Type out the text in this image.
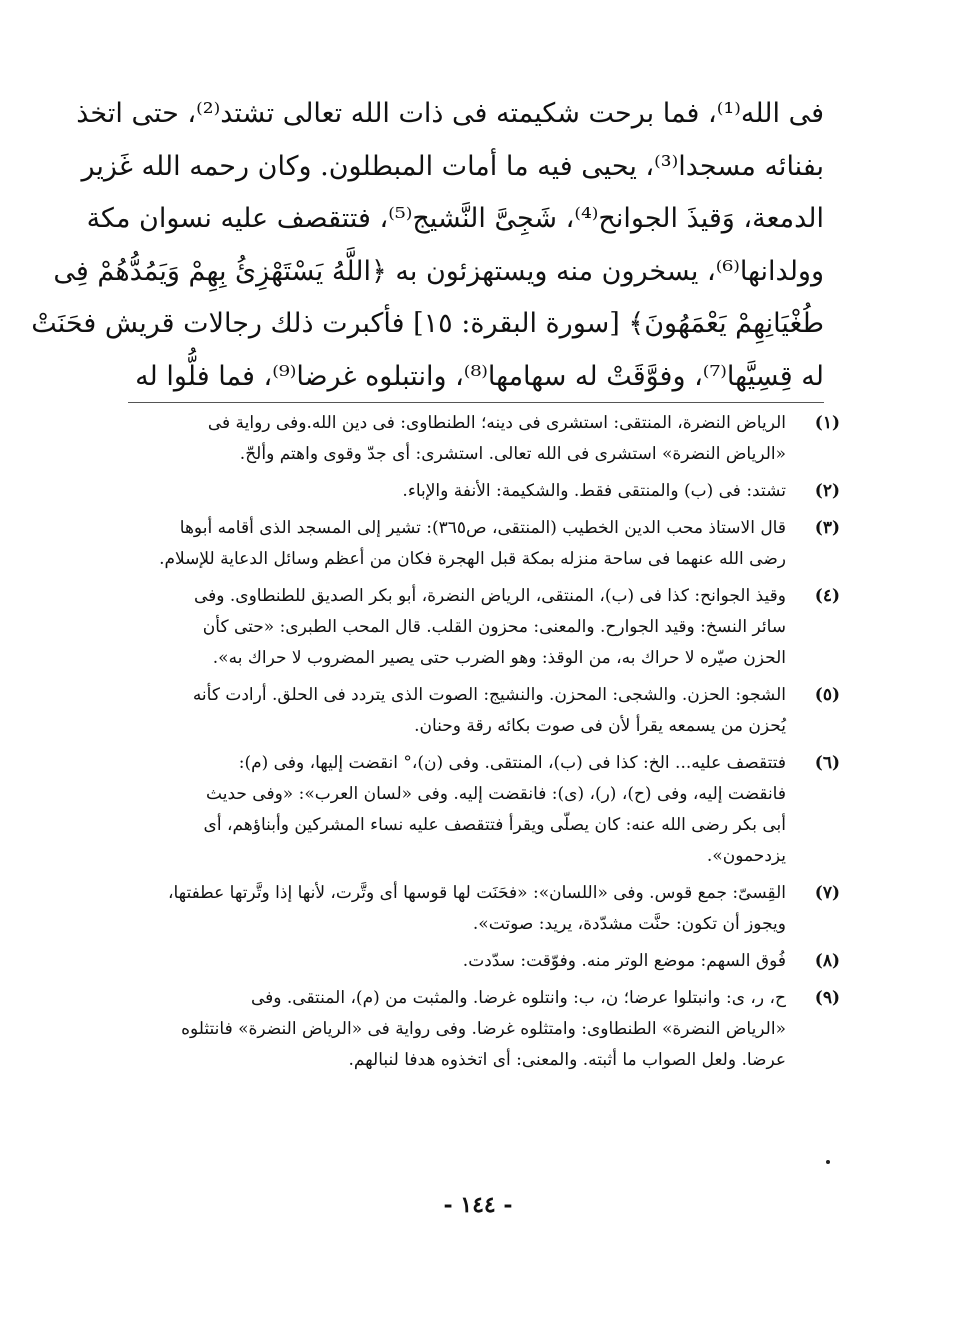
فى الله⁽¹⁾، فما برحت شكيمته فى ذات الله تعالى تشتد⁽²⁾، حتى اتخذ
بفنائه مسجدا⁽³⁾، يحيى فيه ما أمات المبطلون. وكان رحمه الله غَزير
الدمعة، وَقيذَ الجوانح⁽⁴⁾، شَجِىَّ النَّشيج⁽⁵⁾، فتتقصف عليه نسوان مكة
وولدانها⁽⁶⁾، يسخرون منه ويستهزئون به ﴿اللَّهُ يَسْتَهْزِئُ بِهِمْ وَيَمُدُّهُمْ فِى
طُغْيَانِهِمْ يَعْمَهُونَ﴾ [سورة البقرة: ١٥] فأكبرت ذلك رجالات قريش فحَنَتْ
له قِسِيَّها⁽⁷⁾، وفوَّقَتْ له سهامها⁽⁸⁾، وانتبلوه غرضا⁽⁹⁾، فما فلُّوا له
(١)
الرياض النضرة، المنتقى: استشرى فى دينه؛ الطنطاوى: فى دين الله.وفى رواية فى
«الرياض النضرة» استشرى فى الله تعالى. استشرى: أى جدّ وقوى واهتم وألحّ.
(٢)
تشتد: فى (ب) والمنتقى فقط. والشكيمة: الأنفة والإباء.
(٣)
قال الاستاذ محب الدين الخطيب (المنتقى، ص٣٦٥): تشير إلى المسجد الذى أقامه أبوها
رضى الله عنهما فى ساحة منزله بمكة قبل الهجرة فكان من أعظم وسائل الدعاية للإسلام.
(٤)
وقيذ الجوانح: كذا فى (ب)، المنتقى، الرياض النضرة، أبو بكر الصديق للطنطاوى. وفى
سائر النسخ: وقيد الجوارح. والمعنى: محزون القلب. قال المحب الطبرى: «حتى كأن
الحزن صيّره لا حراك به، من الوقذ: وهو الضرب حتى يصير المضروب لا حراك به».
(٥)
الشجو: الحزن. والشجى: المحزن. والنشيج: الصوت الذى يتردد فى الحلق. أرادت كأنه
يُحزن من يسمعه يقرأ لأن فى صوت بكائه رقة وحنان.
(٦)
فتتقصف عليه... الخ: كذا فى (ب)، المنتقى. وفى (ن)،° انقضت إليها، وفى (م):
فانقضت إليه، وفى (ح)، (ر)، (ى): فانقضت إليه. وفى «لسان العرب»: «وفى حديث
أبى بكر رضى الله عنه: كان يصلّى ويقرأ فتتقصف عليه نساء المشركين وأبناؤهم، أى
يزدحمون».
(٧)
القِسىّ: جمع قوس. وفى «اللسان»: «فحَنَت لها قوسها أى وتَّرت، لأنها إذا وتَّرتها عطفتها،
ويجوز أن تكون: حنَّت مشدّدة، يريد: صوتت».
(٨)
فُوق السهم: موضع الوتر منه. وفوّقت: سدّدت.
(٩)
ح، ر، ى: وانبتلوا عرضا؛ ن، ب: وانتلوه غرضا. والمثبت من (م)، المنتقى. وفى
«الرياض النضرة» الطنطاوى: وامتثلوه غرضا. وفى رواية فى «الرياض النضرة» فانتثلوه
عرضا. ولعل الصواب ما أثبته. والمعنى: أى اتخذوه هدفا لنبالهم.
- ١٤٤ -
